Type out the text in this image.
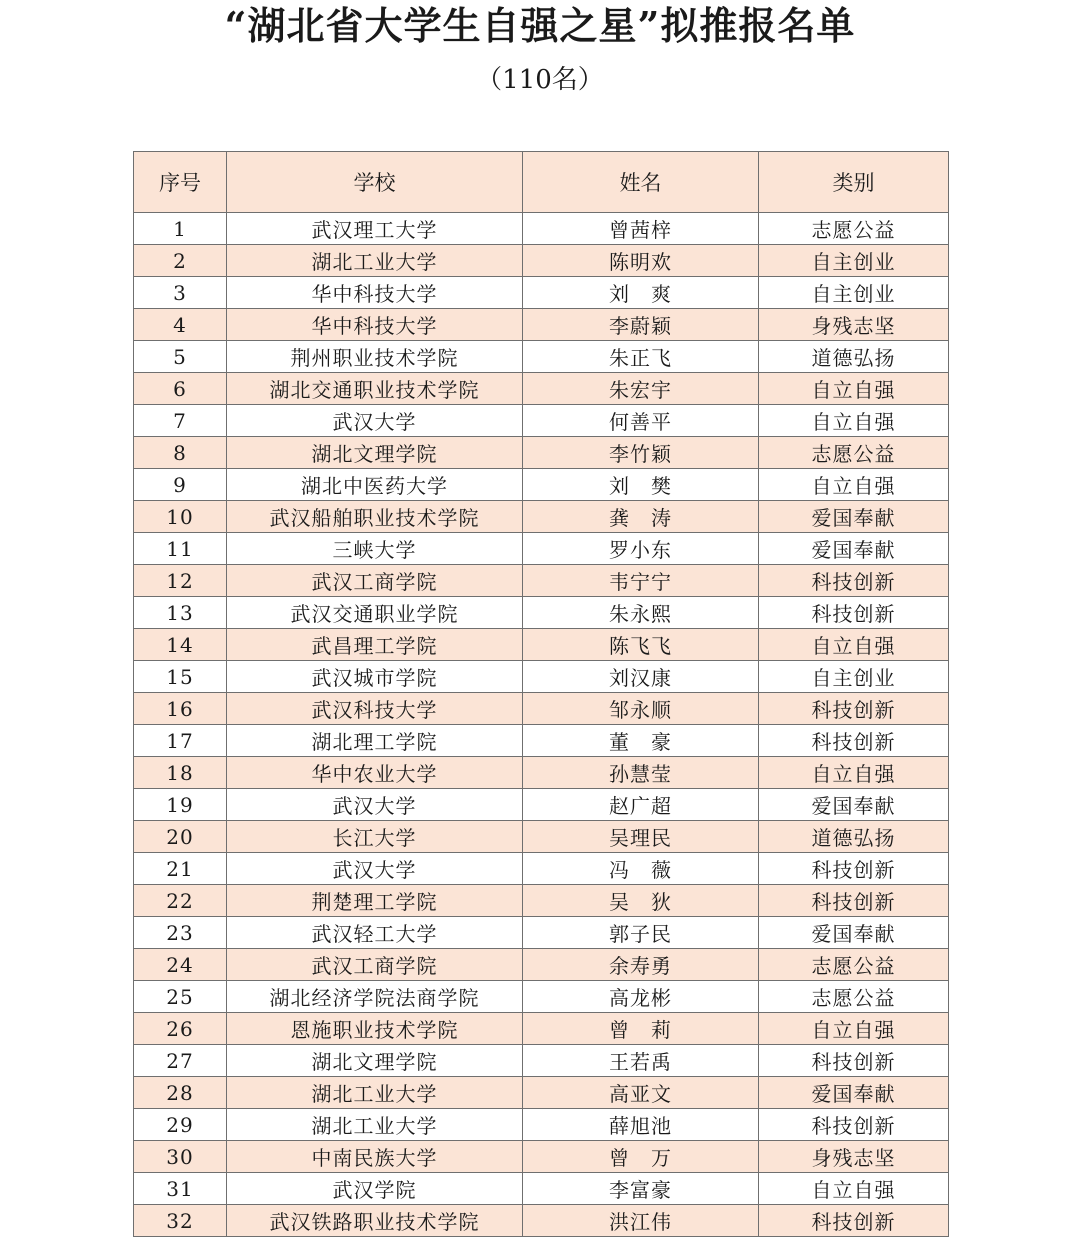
“湖北省大学生自强之星”拟推报名单
（110名）
序号	学校	姓名	类别
1	武汉理工大学	曾茜梓	志愿公益
2	湖北工业大学	陈明欢	自主创业
3	华中科技大学	刘　爽	自主创业
4	华中科技大学	李蔚颖	身残志坚
5	荆州职业技术学院	朱正飞	道德弘扬
6	湖北交通职业技术学院	朱宏宇	自立自强
7	武汉大学	何善平	自立自强
8	湖北文理学院	李竹颖	志愿公益
9	湖北中医药大学	刘　樊	自立自强
10	武汉船舶职业技术学院	龚　涛	爱国奉献
11	三峡大学	罗小东	爱国奉献
12	武汉工商学院	韦宁宁	科技创新
13	武汉交通职业学院	朱永熙	科技创新
14	武昌理工学院	陈飞飞	自立自强
15	武汉城市学院	刘汉康	自主创业
16	武汉科技大学	邹永顺	科技创新
17	湖北理工学院	董　豪	科技创新
18	华中农业大学	孙慧莹	自立自强
19	武汉大学	赵广超	爱国奉献
20	长江大学	吴理民	道德弘扬
21	武汉大学	冯　薇	科技创新
22	荆楚理工学院	吴　狄	科技创新
23	武汉轻工大学	郭子民	爱国奉献
24	武汉工商学院	余寿勇	志愿公益
25	湖北经济学院法商学院	高龙彬	志愿公益
26	恩施职业技术学院	曾　莉	自立自强
27	湖北文理学院	王若禹	科技创新
28	湖北工业大学	高亚文	爱国奉献
29	湖北工业大学	薛旭池	科技创新
30	中南民族大学	曾　万	身残志坚
31	武汉学院	李富豪	自立自强
32	武汉铁路职业技术学院	洪江伟	科技创新
